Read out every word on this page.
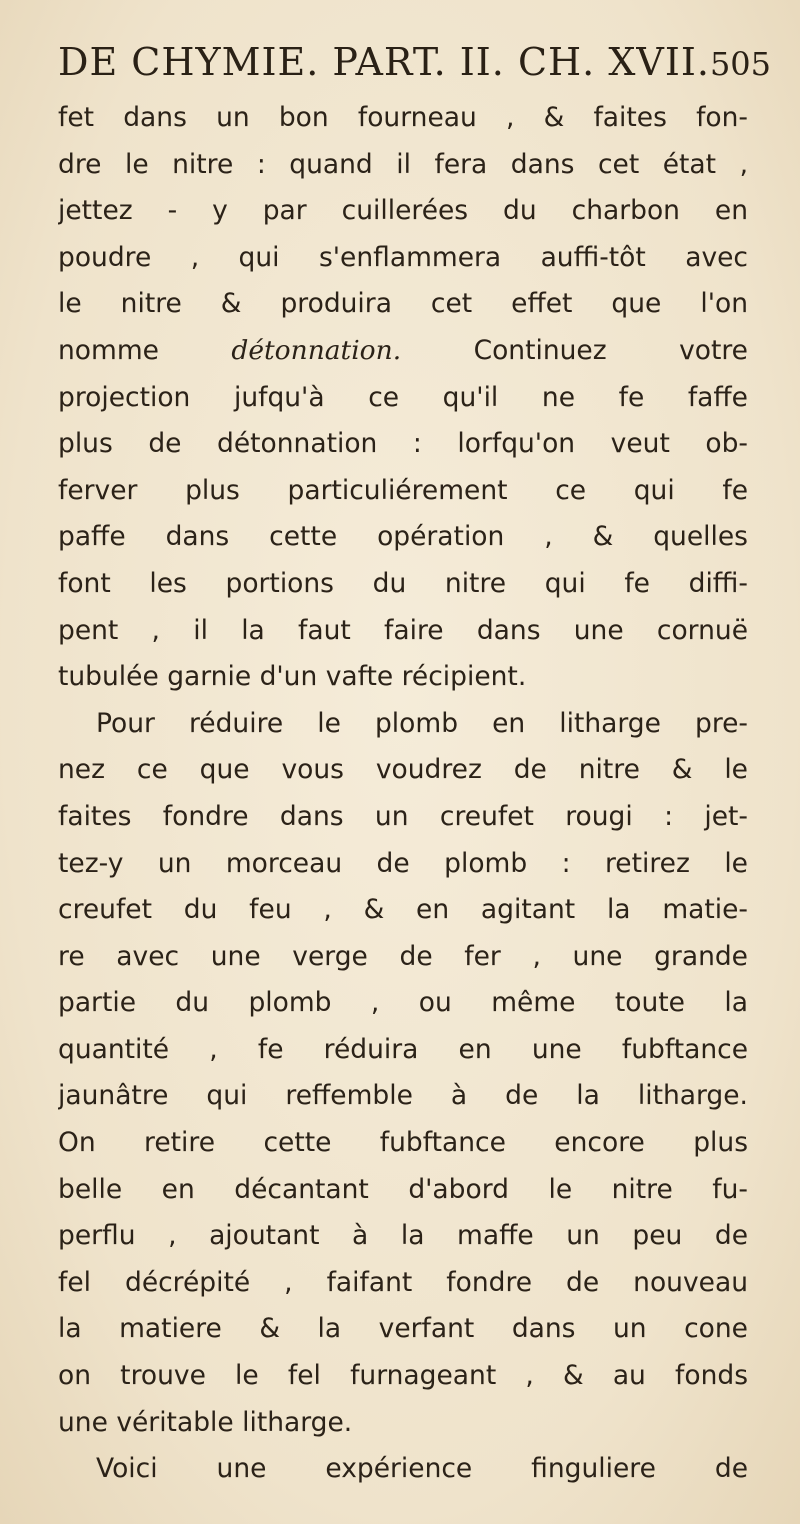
DE CHYMIE. PART. II. CH. XVII. 505
fet dans un bon fourneau , & faites fon-
dre le nitre : quand il fera dans cet état ,
jettez - y par cuillerées du charbon en
poudre , qui s'enflammera auffi-tôt avec
le nitre & produira cet effet que l'on
nomme détonnation. Continuez votre
projection jufqu'à ce qu'il ne fe faffe
plus de détonnation : lorfqu'on veut ob-
ferver plus particuliérement ce qui fe
paffe dans cette opération , & quelles
font les portions du nitre qui fe diffi-
pent , il la faut faire dans une cornuë
tubulée garnie d'un vafte récipient.
Pour réduire le plomb en litharge pre-
nez ce que vous voudrez de nitre & le
faites fondre dans un creufet rougi : jet-
tez-y un morceau de plomb : retirez le
creufet du feu , & en agitant la matie-
re avec une verge de fer , une grande
partie du plomb , ou même toute la
quantité , fe réduira en une fubftance
jaunâtre qui reffemble à de la litharge.
On retire cette fubftance encore plus
belle en décantant d'abord le nitre fu-
perflu , ajoutant à la maffe un peu de
fel décrépité , faifant fondre de nouveau
la matiere & la verfant dans un cone
on trouve le fel furnageant , & au fonds
une véritable litharge.
Voici une expérience finguliere de
